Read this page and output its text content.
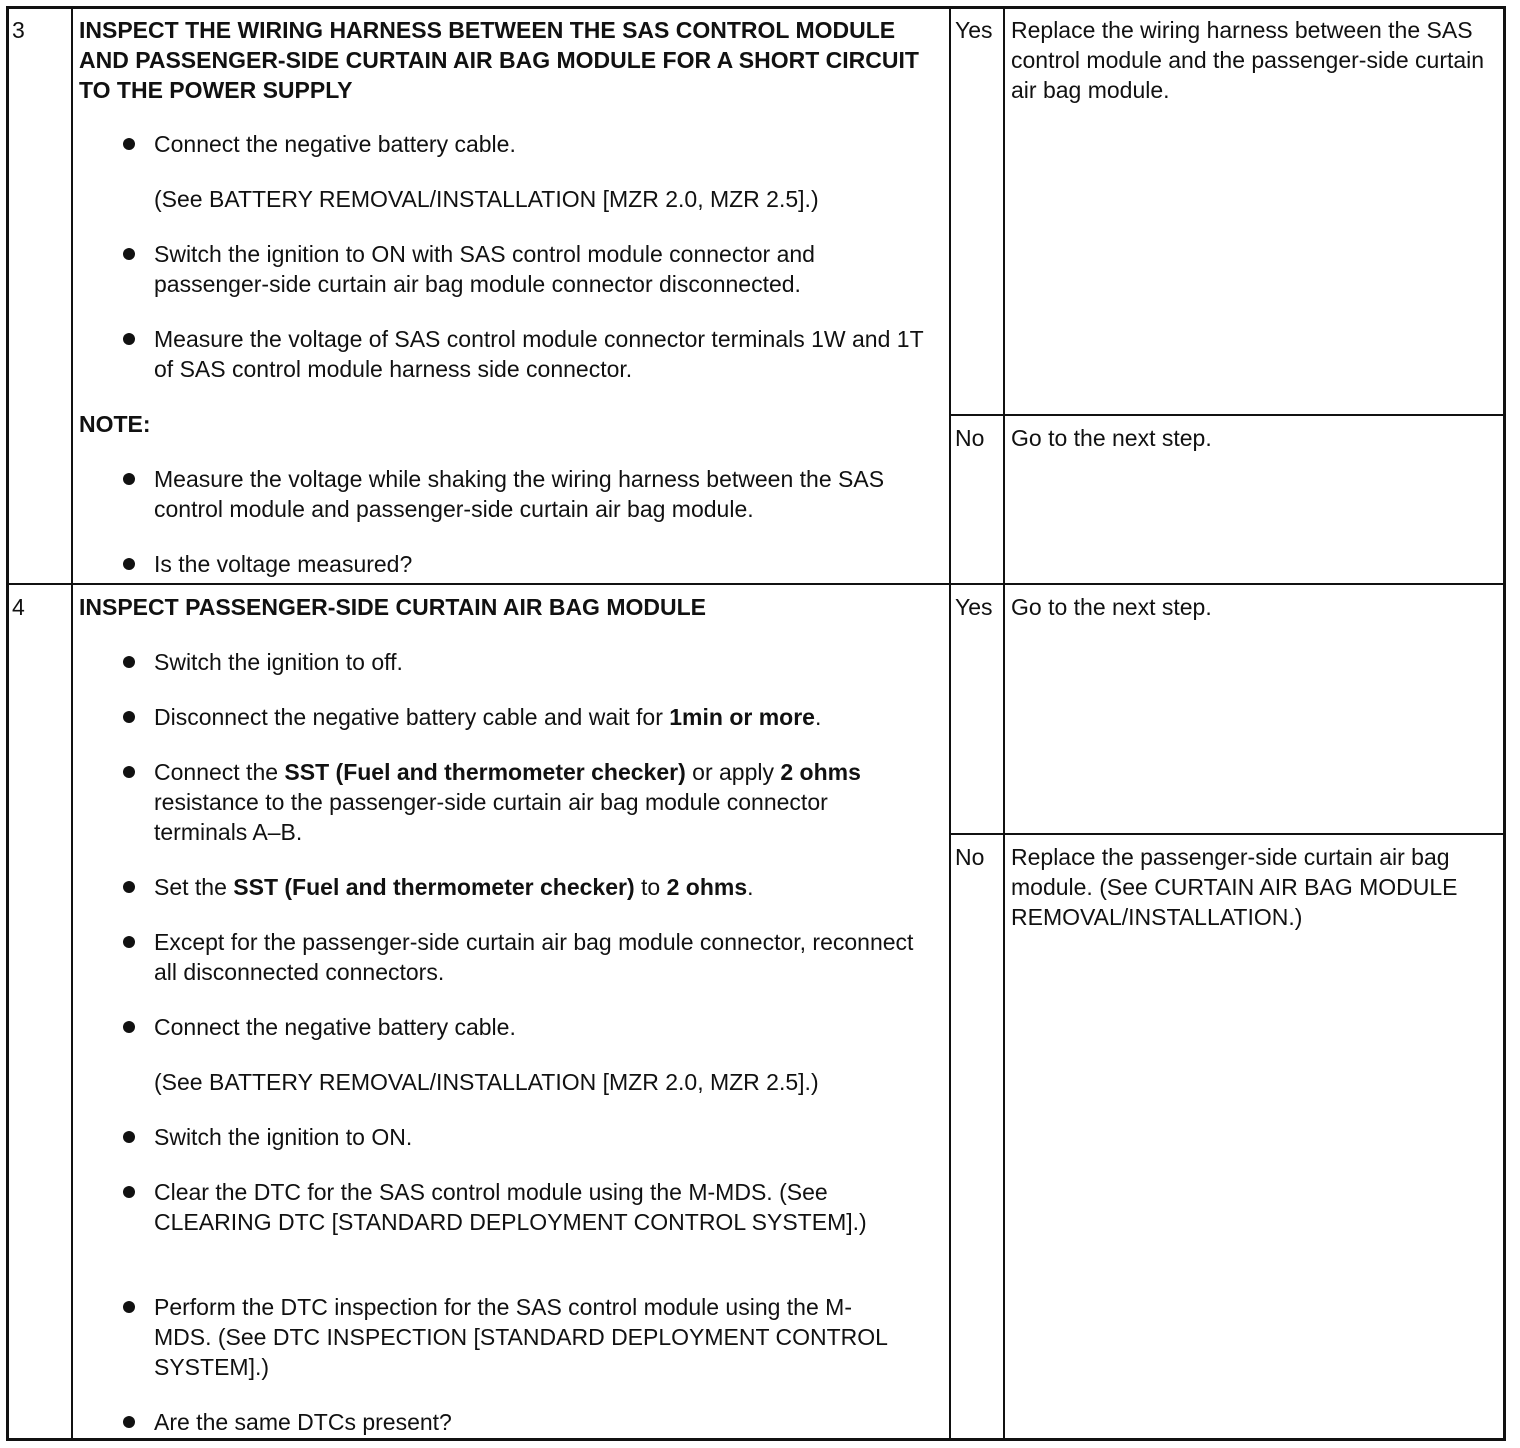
3 INSPECT THE WIRING HARNESS BETWEEN THE SAS CONTROL MODULE AND PASSENGER-SIDE CURTAIN AIR BAG MODULE FOR A SHORT CIRCUIT TO THE POWER SUPPLY
Connect the negative battery cable.
(See BATTERY REMOVAL/INSTALLATION [MZR 2.0, MZR 2.5].)
Switch the ignition to ON with SAS control module connector and passenger-side curtain air bag module connector disconnected.
Measure the voltage of SAS control module connector terminals 1W and 1T of SAS control module harness side connector.
NOTE:
Measure the voltage while shaking the wiring harness between the SAS control module and passenger-side curtain air bag module.
Is the voltage measured?
Yes Replace the wiring harness between the SAS control module and the passenger-side curtain air bag module.
No Go to the next step.
4 INSPECT PASSENGER-SIDE CURTAIN AIR BAG MODULE
Switch the ignition to off.
Disconnect the negative battery cable and wait for 1min or more.
Connect the SST (Fuel and thermometer checker) or apply 2 ohms resistance to the passenger-side curtain air bag module connector terminals A–B.
Set the SST (Fuel and thermometer checker) to 2 ohms.
Except for the passenger-side curtain air bag module connector, reconnect all disconnected connectors.
Connect the negative battery cable.
(See BATTERY REMOVAL/INSTALLATION [MZR 2.0, MZR 2.5].)
Switch the ignition to ON.
Clear the DTC for the SAS control module using the M-MDS. (See CLEARING DTC [STANDARD DEPLOYMENT CONTROL SYSTEM].)
Perform the DTC inspection for the SAS control module using the M-MDS. (See DTC INSPECTION [STANDARD DEPLOYMENT CONTROL SYSTEM].)
Are the same DTCs present?
Yes Go to the next step.
No Replace the passenger-side curtain air bag module. (See CURTAIN AIR BAG MODULE REMOVAL/INSTALLATION.)
